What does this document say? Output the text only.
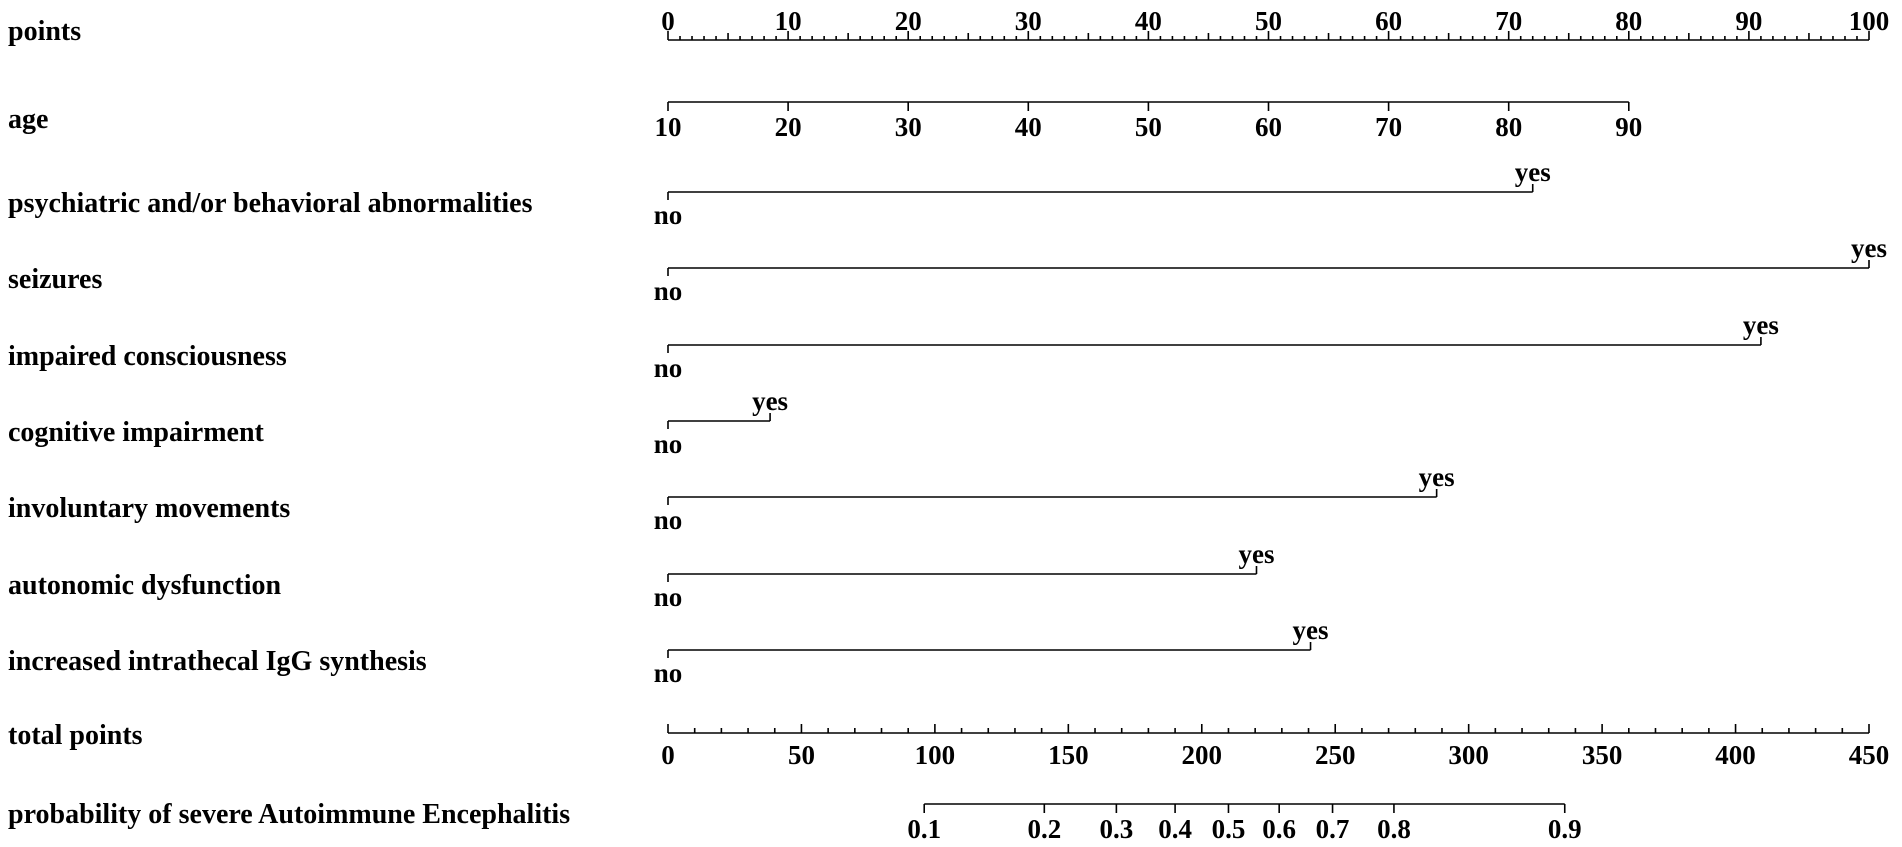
points	0	10	20	30	40	50	60	70	80	90	100
age	10	20	30	40	50	60	70	80	90
psychiatric and/or behavioral abnormalities	no
yes
seizures	no
yes
impaired consciousness	no
yes
cognitive impairment	no
yes
involuntary movements	no
yes
autonomic dysfunction	no
yes
increased intrathecal IgG synthesis	no
yes
total points
0	50	100	150	200	250	300	350	400	450
probability of severe Autoimmune Encephalitis	0.1	0.2 0.3 0.4 0.5 0.6 0.7 0.8	0.9
